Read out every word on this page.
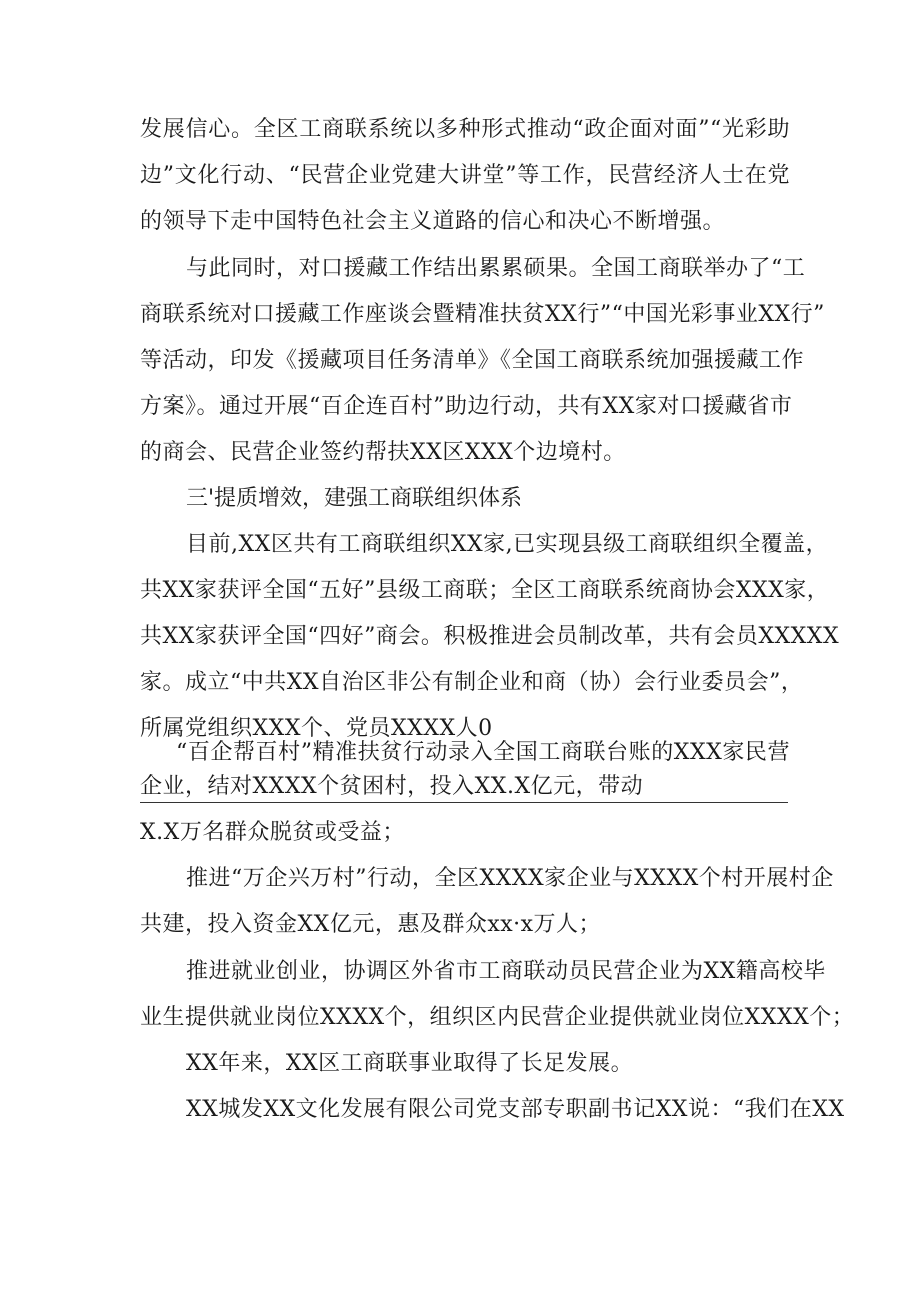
发展信心。全区工商联系统以多种形式推动“政企面对面”“光彩助
边”文化行动、“民营企业党建大讲堂”等工作，民营经济人士在党
的领导下走中国特色社会主义道路的信心和决心不断增强。
与此同时，对口援藏工作结出累累硕果。全国工商联举办了“工
商联系统对口援藏工作座谈会暨精准扶贫XX行”“中国光彩事业XX行”
等活动，印发《援藏项目任务清单》《全国工商联系统加强援藏工作
方案》。通过开展“百企连百村”助边行动，共有XX家对口援藏省市
的商会、民营企业签约帮扶XX区XXX个边境村。
三'提质增效，建强工商联组织体系
目前,XX区共有工商联组织XX家,已实现县级工商联组织全覆盖，
共XX家获评全国“五好”县级工商联；全区工商联系统商协会XXX家，
共XX家获评全国“四好”商会。积极推进会员制改革，共有会员XXXXX
家。成立“中共XX自治区非公有制企业和商（协）会行业委员会”，
所属党组织XXX个、党员XXXX人0
“百企帮百村”精准扶贫行动录入全国工商联台账的XXX家民营
企业，结对XXXX个贫困村，投入XX.X亿元，带动
X.X万名群众脱贫或受益；
推进“万企兴万村”行动，全区XXXX家企业与XXXX个村开展村企
共建，投入资金XX亿元，惠及群众xx·x万人；
推进就业创业，协调区外省市工商联动员民营企业为XX籍高校毕
业生提供就业岗位XXXX个，组织区内民营企业提供就业岗位XXXX个；
XX年来，XX区工商联事业取得了长足发展。
XX城发XX文化发展有限公司党支部专职副书记XX说：“我们在XX
